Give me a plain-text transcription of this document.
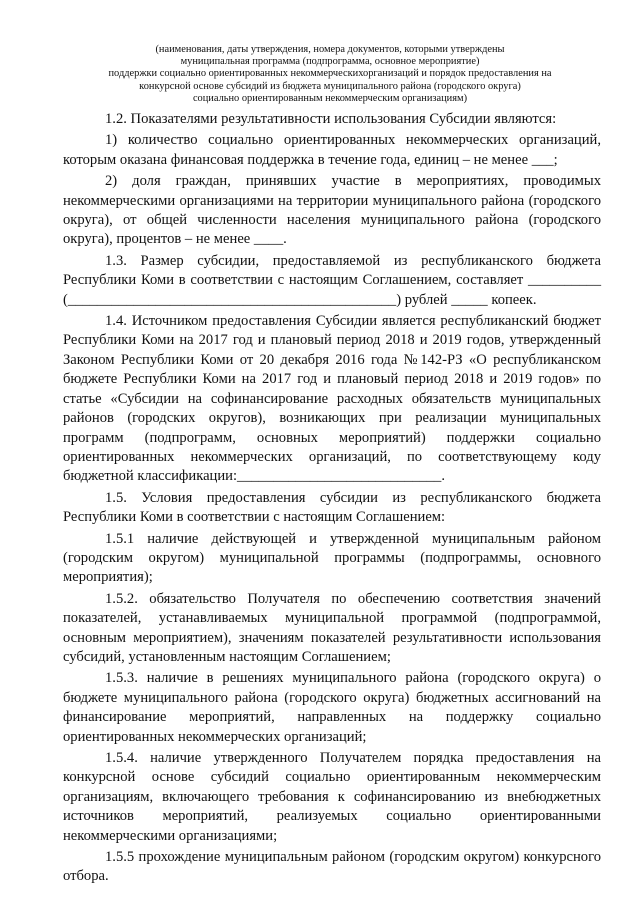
(наименования, даты утверждения, номера документов, которыми утверждены
муниципальная программа (подпрограмма, основное мероприятие)
поддержки социально ориентированных некоммерческихорганизаций и порядок предоставления на
конкурсной основе субсидий из бюджета муниципального района (городского округа)
социально ориентированным некоммерческим организациям)

1.2. Показателями результативности использования Субсидии являются:

1) количество социально ориентированных некоммерческих организаций, которым оказана финансовая поддержка в течение года, единиц – не менее ___;

2) доля граждан, принявших участие в мероприятиях, проводимых некоммерческими организациями на территории муниципального района (городского округа), от общей численности населения муниципального района (городского округа), процентов – не менее ____.

1.3. Размер субсидии, предоставляемой из республиканского бюджета Республики Коми в соответствии с настоящим Соглашением, составляет __________ (_____________________________________________) рублей _____ копеек.

1.4. Источником предоставления Субсидии является республиканский бюджет Республики Коми на 2017 год и плановый период 2018 и 2019 годов, утвержденный Законом Республики Коми от 20 декабря 2016 года №142-РЗ «О республиканском бюджете Республики Коми на 2017 год и плановый период 2018 и 2019 годов» по статье «Субсидии на софинансирование расходных обязательств муниципальных районов (городских округов), возникающих при реализации муниципальных программ (подпрограмм, основных мероприятий) поддержки социально ориентированных некоммерческих организаций, по соответствующему коду бюджетной классификации:____________________________.

1.5. Условия предоставления субсидии из республиканского бюджета Республики Коми в соответствии с настоящим Соглашением:

1.5.1 наличие действующей и утвержденной муниципальным районом (городским округом) муниципальной программы (подпрограммы, основного мероприятия);

1.5.2. обязательство Получателя по обеспечению соответствия значений показателей, устанавливаемых муниципальной программой (подпрограммой, основным мероприятием), значениям показателей результативности использования субсидий, установленным настоящим Соглашением;

1.5.3. наличие в решениях муниципального района (городского округа) о бюджете муниципального района (городского округа) бюджетных ассигнований на финансирование мероприятий, направленных на поддержку социально ориентированных некоммерческих организаций;

1.5.4. наличие утвержденного Получателем порядка предоставления на конкурсной основе субсидий социально ориентированным некоммерческим организациям, включающего требования к софинансированию из внебюджетных источников мероприятий, реализуемых социально ориентированными некоммерческими организациями;

1.5.5 прохождение муниципальным районом (городским округом) конкурсного отбора.
